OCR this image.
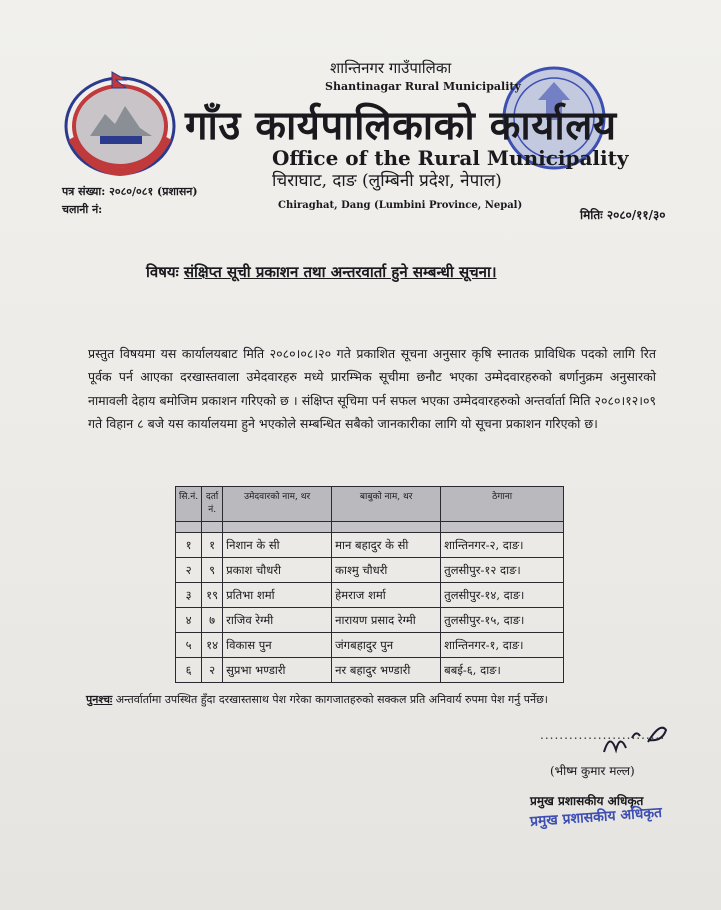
शान्तिनगर गाउँपालिका
Shantinagar Rural Municipality
गाँउ कार्यपालिकाको कार्यालय
Office of the Rural Municipality
चिराघाट, दाङ (लुम्बिनी प्रदेश, नेपाल)
Chiraghat, Dang (Lumbini Province, Nepal)
पत्र संख्या: २०८०/०८१ (प्रशासन)
चलानी नं:	मितिः २०८०/११/३०
विषयः संक्षिप्त सूची प्रकाशन तथा अन्तरवार्ता हुने सम्बन्धी सूचना।
प्रस्तुत विषयमा यस कार्यालयबाट मिति २०८०।०८।२० गते प्रकाशित सूचना अनुसार कृषि स्नातक प्राविधिक पदको लागि रित पूर्वक पर्न आएका दरखास्तवाला उमेदवारहरु मध्ये प्रारम्भिक सूचीमा छनौट भएका उम्मेदवारहरुको बर्णानुक्रम अनुसारको नामावली देहाय बमोजिम प्रकाशन गरिएको छ । संक्षिप्त सूचिमा पर्न सफल भएका उम्मेदवारहरुको अन्तर्वार्ता मिति २०८०।१२।०९ गते विहान ८ बजे यस कार्यालयमा हुने भएकोले सम्बन्धित सबैको जानकारीका लागि यो सूचना प्रकाशन गरिएको छ।
सि.नं.	दर्ता नं.	उमेदवारको नाम, थर	बाबुको नाम, थर	ठेगाना

१	१	निशान के सी	मान बहादुर के सी	शान्तिनगर-२, दाङ।
२	९	प्रकाश चौधरी	काश्मु चौधरी	तुलसीपुर-१२ दाङ।
३	१९	प्रतिभा शर्मा	हेमराज शर्मा	तुलसीपुर-१४, दाङ।
४	७	राजिव रेग्मी	नारायण प्रसाद रेग्मी	तुलसीपुर-१५, दाङ।
५	१४	विकास पुन	जंगबहादुर पुन	शान्तिनगर-१, दाङ।
६	२	सुप्रभा भण्डारी	नर बहादुर भण्डारी	बबई-६, दाङ।
पुनश्चः अन्तर्वार्तामा उपस्थित हुँदा दरखास्तसाथ पेश गरेका कागजातहरुको सक्कल प्रति अनिवार्य रुपमा पेश गर्नु पर्नेछ।
..........................
(भीष्म कुमार मल्ल)
प्रमुख प्रशासकीय अधिकृत
प्रमुख प्रशासकीय अधिकृत
